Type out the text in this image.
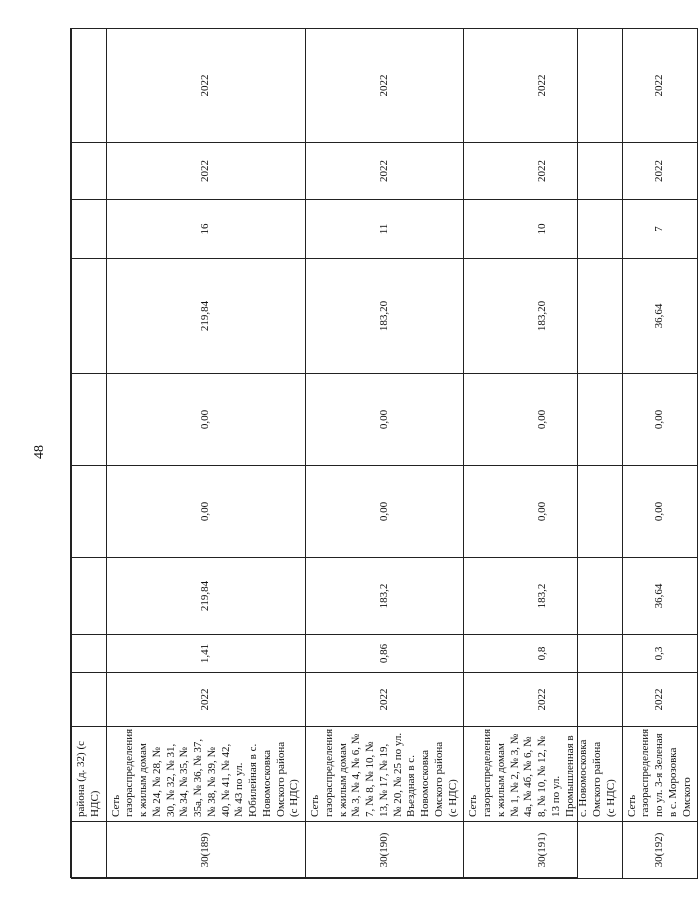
48
	района (д. 32) (с НДС)									
30(189)	Сеть газораспределения к жилым домам № 24, № 28, № 30, № 32, № 31, № 34, № 35, № 35а, № 36, № 37, № 38, № 39, № 40, № 41, № 42, № 43 по ул. Юбилейная в с. Новомосковка Омского района (с НДС)	2022	1,41	219,84	0,00	0,00	219,84	16	2022	2022
30(190)	Сеть газораспределения к жилым домам № 3, № 4, № 6, № 7, № 8, № 10, № 13, № 17, № 19, № 20, № 25 по ул. Въездная в с. Новомосковка Омского района (с НДС)	2022	0,86	183,2	0,00	0,00	183,20	11	2022	2022
30(191)	Сеть газораспределения к жилым домам № 1, № 2, № 3, № 4а, № 4б, № 6, № 8, № 10, № 12, № 13 по ул. Промышленная в с. Новомосковка Омского района (с НДС)	2022	0,8	183,2	0,00	0,00	183,20	10	2022	2022
30(192)	Сеть газораспределения по ул. 3-я Зеленая в с. Морозовка Омского	2022	0,3	36,64	0,00	0,00	36,64	7	2022	2022
